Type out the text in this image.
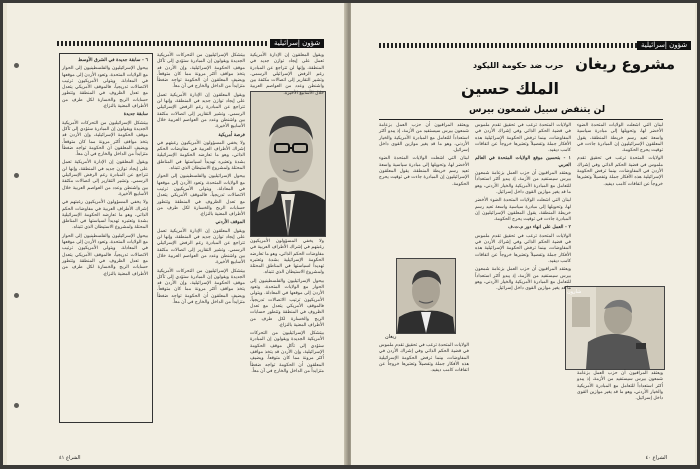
شؤون إسرائيلية
٦ - سابقة جديدة في الشرق الأوسط

بيحول الإسرائيليون والفلسطينيون إلى الحوار مع الولايات المتحدة، وتعود الأردن إلى موقعها في المعادلة. ويتولى الأمريكيون ترتيب الاتصالات تدريجياً، فالموقف الأمريكي يتعدل مع تعدل الظروف في المنطقة وتتطور حسابات الربح والخسارة لكل طرف من الأطراف المعنية بالنزاع.

سابقة جديدة

بيتشكل الإسرائيليون من التحركات الأمريكية الجديدة ويقولون إن المبادرة ستؤدي إلى تآكل موقف الحكومة الإسرائيلية، وإن الأردن قد يتخذ مواقف أكثر مرونة مما كان متوقعاً. ويضيف المعلقون أن الحكومة تواجه ضغطاً متزايداً من الداخل والخارج في آن معاً.

ويقول المعلقون إن الإدارة الأمريكية تعمل على إيجاد توازن جديد في المنطقة، وإنها لن تتراجع عن المبادرة رغم الرفض الإسرائيلي الرسمي. وتشير التقارير إلى اتصالات مكثفة بين واشنطن وعدد من العواصم العربية خلال الأسابيع الأخيرة.

ولا يخفي المسؤولون الأمريكيون رغبتهم في إشراك الأطراف العربية في مفاوضات الحكم الذاتي، وهو ما تعارضه الحكومة الإسرائيلية بشدة وتعتبره تهديداً لسياستها في المناطق المحتلة ولمشروع الاستيطان الذي تتبناه.

بيحول الإسرائيليون والفلسطينيون إلى الحوار مع الولايات المتحدة، وتعود الأردن إلى موقعها في المعادلة. ويتولى الأمريكيون ترتيب الاتصالات تدريجياً، فالموقف الأمريكي يتعدل مع تعدل الظروف في المنطقة وتتطور حسابات الربح والخسارة لكل طرف من الأطراف المعنية بالنزاع.

بيتشكل الإسرائيليون من التحركات الأمريكية الجديدة ويقولون إن المبادرة ستؤدي إلى تآكل موقف الحكومة الإسرائيلية، وإن الأردن قد يتخذ مواقف أكثر مرونة مما كان متوقعاً. ويضيف المعلقون أن الحكومة تواجه ضغطاً متزايداً من الداخل والخارج في آن معاً.

ويقول المعلقون إن الإدارة الأمريكية تعمل على إيجاد توازن جديد في المنطقة، وإنها لن تتراجع عن المبادرة رغم الرفض الإسرائيلي الرسمي. وتشير التقارير إلى اتصالات مكثفة بين واشنطن وعدد من العواصم العربية خلال الأسابيع الأخيرة.

فرصة أمريكية

ولا يخفي المسؤولون الأمريكيون رغبتهم في إشراك الأطراف العربية في مفاوضات الحكم الذاتي، وهو ما تعارضه الحكومة الإسرائيلية بشدة وتعتبره تهديداً لسياستها في المناطق المحتلة ولمشروع الاستيطان الذي تتبناه.

بيحول الإسرائيليون والفلسطينيون إلى الحوار مع الولايات المتحدة، وتعود الأردن إلى موقعها في المعادلة. ويتولى الأمريكيون ترتيب الاتصالات تدريجياً، فالموقف الأمريكي يتعدل مع تعدل الظروف في المنطقة وتتطور حسابات الربح والخسارة لكل طرف من الأطراف المعنية بالنزاع.

الموقف الأردني

ويقول المعلقون إن الإدارة الأمريكية تعمل على إيجاد توازن جديد في المنطقة، وإنها لن تتراجع عن المبادرة رغم الرفض الإسرائيلي الرسمي. وتشير التقارير إلى اتصالات مكثفة بين واشنطن وعدد من العواصم العربية خلال الأسابيع الأخيرة.

بيتشكل الإسرائيليون من التحركات الأمريكية الجديدة ويقولون إن المبادرة ستؤدي إلى تآكل موقف الحكومة الإسرائيلية، وإن الأردن قد يتخذ مواقف أكثر مرونة مما كان متوقعاً. ويضيف المعلقون أن الحكومة تواجه ضغطاً متزايداً من الداخل والخارج في آن معاً.

ويقول المعلقون إن الإدارة الأمريكية تعمل على إيجاد توازن جديد في المنطقة، وإنها لن تتراجع عن المبادرة رغم الرفض الإسرائيلي الرسمي. وتشير التقارير إلى اتصالات مكثفة بين واشنطن وعدد من العواصم العربية خلال الأسابيع الأخيرة.

ولا يخفي المسؤولون الأمريكيون رغبتهم في إشراك الأطراف العربية في مفاوضات الحكم الذاتي، وهو ما تعارضه الحكومة الإسرائيلية بشدة وتعتبره تهديداً لسياستها في المناطق المحتلة ولمشروع الاستيطان الذي تتبناه.

بيحول الإسرائيليون والفلسطينيون إلى الحوار مع الولايات المتحدة، وتعود الأردن إلى موقعها في المعادلة. ويتولى الأمريكيون ترتيب الاتصالات تدريجياً، فالموقف الأمريكي يتعدل مع تعدل الظروف في المنطقة وتتطور حسابات الربح والخسارة لكل طرف من الأطراف المعنية بالنزاع.

بيتشكل الإسرائيليون من التحركات الأمريكية الجديدة ويقولون إن المبادرة ستؤدي إلى تآكل موقف الحكومة الإسرائيلية، وإن الأردن قد يتخذ مواقف أكثر مرونة مما كان متوقعاً. ويضيف المعلقون أن الحكومة تواجه ضغطاً متزايداً من الداخل والخارج في آن معاً.

الشراع ٤١
شؤون إسرائيلية
مشروع ريغان
حرب ضد حكومة الليكود
الملك حسين
لن يتنفض سبيل شمعون بيرس

لبنان التي اشعلت الولايات المتحدة الضوء الأخضر لها، وتحويلها إلى مبادرة سياسية واسعة تعيد رسم خريطة المنطقة، يقول المعلقون الإسرائيليون إن المبادرة جاءت في توقيت يحرج الحكومة.

الولايات المتحدة ترغب في تحقيق تقدم ملموس في قضية الحكم الذاتي وفي إشراك الأردن في المفاوضات، بينما ترفض الحكومة الإسرائيلية هذه الأفكار جملة وتفصيلاً وتعتبرها خروجاً عن اتفاقات كامب ديفيد.

ويعتقد المراقبون أن حزب العمل بزعامة شمعون بيرس سيستفيد من الأزمة، إذ يبدو أكثر استعداداً للتعامل مع المبادرة الأمريكية والخيار الأردني، وهو ما قد يغير موازين القوى داخل إسرائيل.

الولايات المتحدة ترغب في تحقيق تقدم ملموس في قضية الحكم الذاتي وفي إشراك الأردن في المفاوضات، بينما ترفض الحكومة الإسرائيلية هذه الأفكار جملة وتفصيلاً وتعتبرها خروجاً عن اتفاقات كامب ديفيد.

١ - بتحسين موقع الولايات المتحدة في العالم العربي

ويعتقد المراقبون أن حزب العمل بزعامة شمعون بيرس سيستفيد من الأزمة، إذ يبدو أكثر استعداداً للتعامل مع المبادرة الأمريكية والخيار الأردني، وهو ما قد يغير موازين القوى داخل إسرائيل.

لبنان التي اشعلت الولايات المتحدة الضوء الأخضر لها، وتحويلها إلى مبادرة سياسية واسعة تعيد رسم خريطة المنطقة، يقول المعلقون الإسرائيليون إن المبادرة جاءت في توقيت يحرج الحكومة.

٢ - العمل على انهاء دور م.ت.ف

الولايات المتحدة ترغب في تحقيق تقدم ملموس في قضية الحكم الذاتي وفي إشراك الأردن في المفاوضات، بينما ترفض الحكومة الإسرائيلية هذه الأفكار جملة وتفصيلاً وتعتبرها خروجاً عن اتفاقات كامب ديفيد.

ويعتقد المراقبون أن حزب العمل بزعامة شمعون بيرس سيستفيد من الأزمة، إذ يبدو أكثر استعداداً للتعامل مع المبادرة الأمريكية والخيار الأردني، وهو ما قد يغير موازين القوى داخل إسرائيل.

ويعتقد المراقبون أن حزب العمل بزعامة شمعون بيرس سيستفيد من الأزمة، إذ يبدو أكثر استعداداً للتعامل مع المبادرة الأمريكية والخيار الأردني، وهو ما قد يغير موازين القوى داخل إسرائيل.

لبنان التي اشعلت الولايات المتحدة الضوء الأخضر لها، وتحويلها إلى مبادرة سياسية واسعة تعيد رسم خريطة المنطقة، يقول المعلقون الإسرائيليون إن المبادرة جاءت في توقيت يحرج الحكومة.

ريغان
شارون

الولايات المتحدة ترغب في تحقيق تقدم ملموس في قضية الحكم الذاتي وفي إشراك الأردن في المفاوضات، بينما ترفض الحكومة الإسرائيلية هذه الأفكار جملة وتفصيلاً وتعتبرها خروجاً عن اتفاقات كامب ديفيد.

الشراع ٤٠
